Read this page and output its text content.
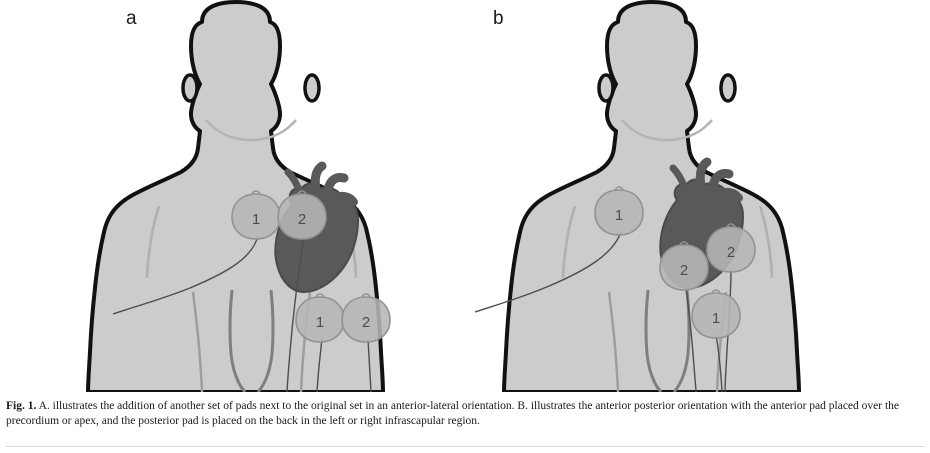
a
1	2
1	2
b
1
2
2
1
Fig. 1. A. illustrates the addition of another set of pads next to the original set in an anterior-lateral orientation. B. illustrates the anterior posterior orientation with the anterior pad placed over the precordium or apex, and the posterior pad is placed on the back in the left or right infrascapular region.
